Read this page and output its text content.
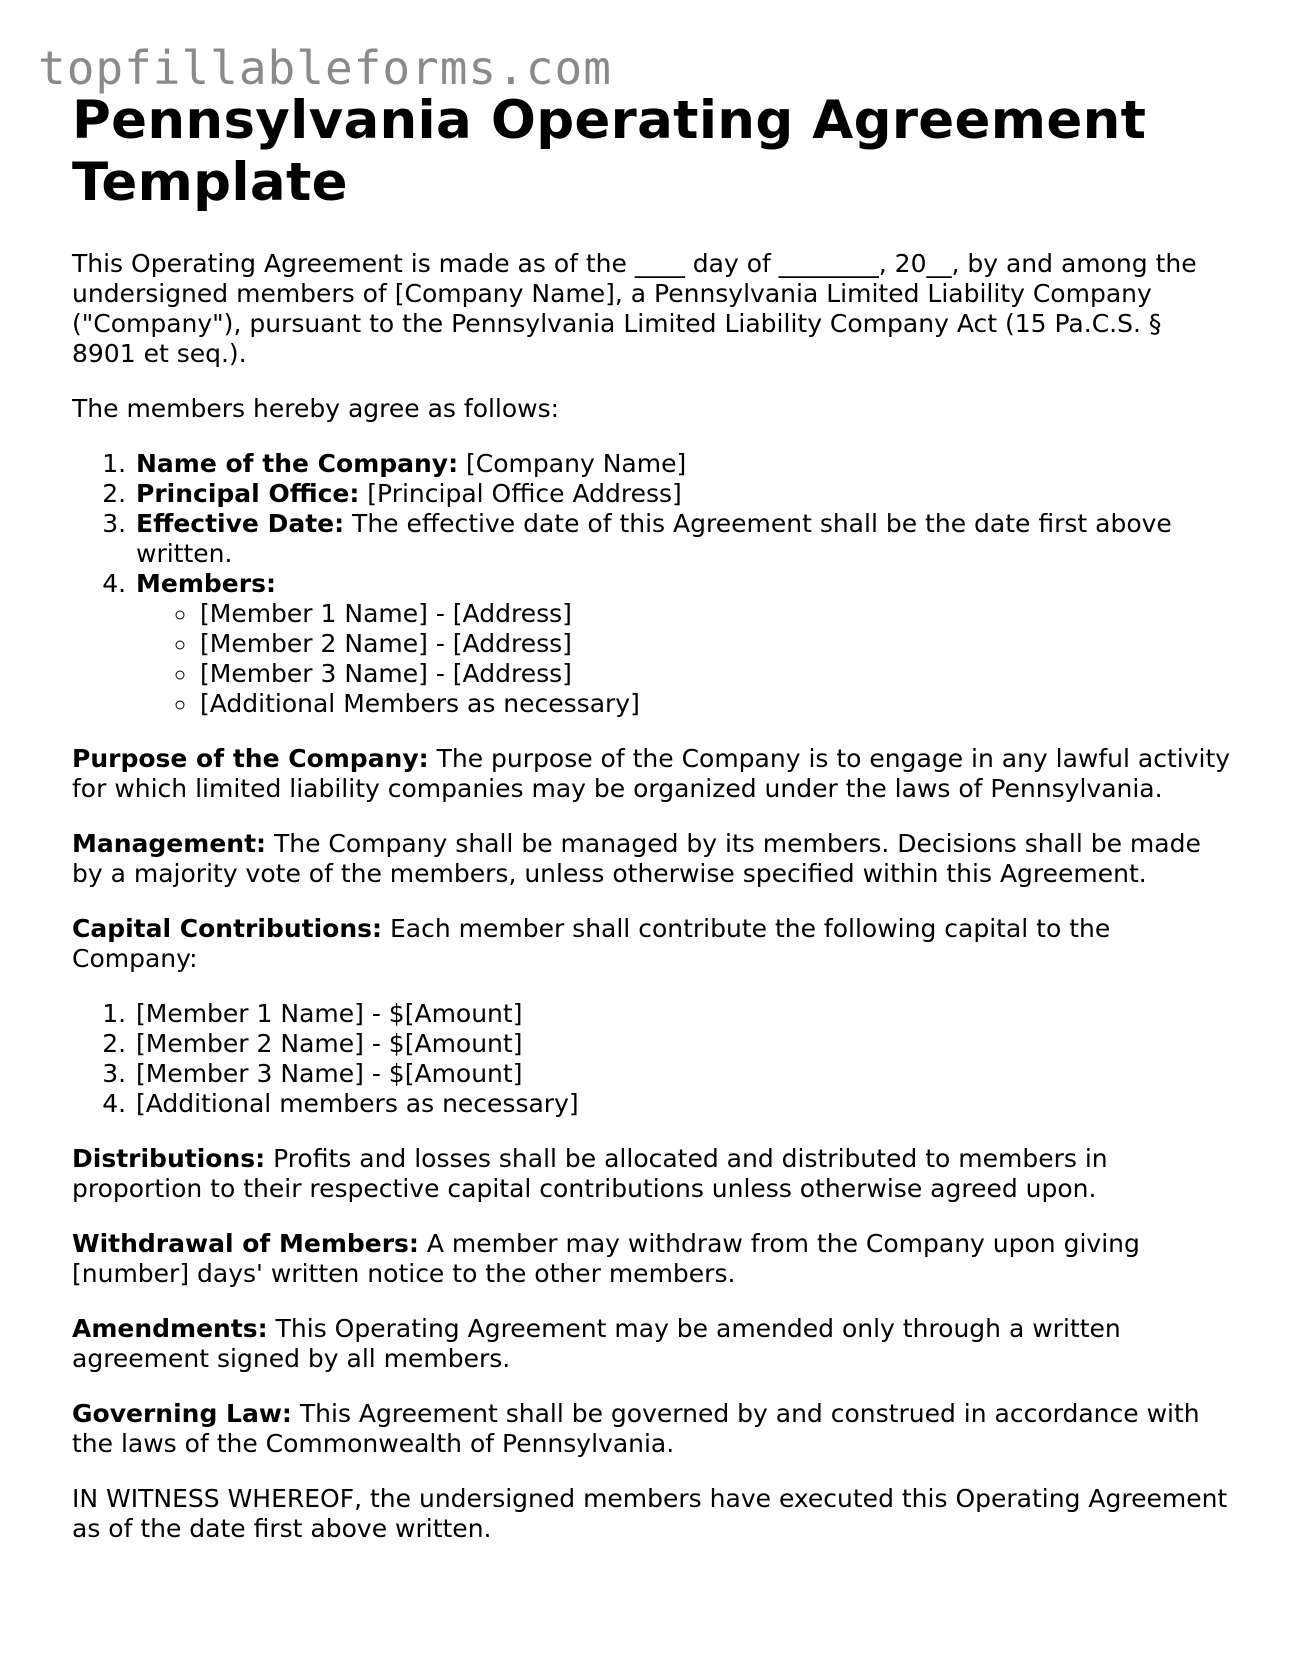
topfillableforms.com
Pennsylvania Operating Agreement Template

This Operating Agreement is made as of the ____ day of ________, 20__, by and among the undersigned members of [Company Name], a Pennsylvania Limited Liability Company ("Company"), pursuant to the Pennsylvania Limited Liability Company Act (15 Pa.C.S. § 8901 et seq.).

The members hereby agree as follows:

1. Name of the Company: [Company Name]
2. Principal Office: [Principal Office Address]
3. Effective Date: The effective date of this Agreement shall be the date first above written.
4. Members:
◦ [Member 1 Name] - [Address]
◦ [Member 2 Name] - [Address]
◦ [Member 3 Name] - [Address]
◦ [Additional Members as necessary]

Purpose of the Company: The purpose of the Company is to engage in any lawful activity for which limited liability companies may be organized under the laws of Pennsylvania.

Management: The Company shall be managed by its members. Decisions shall be made by a majority vote of the members, unless otherwise specified within this Agreement.

Capital Contributions: Each member shall contribute the following capital to the Company:

1. [Member 1 Name] - $[Amount]
2. [Member 2 Name] - $[Amount]
3. [Member 3 Name] - $[Amount]
4. [Additional members as necessary]

Distributions: Profits and losses shall be allocated and distributed to members in proportion to their respective capital contributions unless otherwise agreed upon.

Withdrawal of Members: A member may withdraw from the Company upon giving [number] days' written notice to the other members.

Amendments: This Operating Agreement may be amended only through a written agreement signed by all members.

Governing Law: This Agreement shall be governed by and construed in accordance with the laws of the Commonwealth of Pennsylvania.

IN WITNESS WHEREOF, the undersigned members have executed this Operating Agreement as of the date first above written.
